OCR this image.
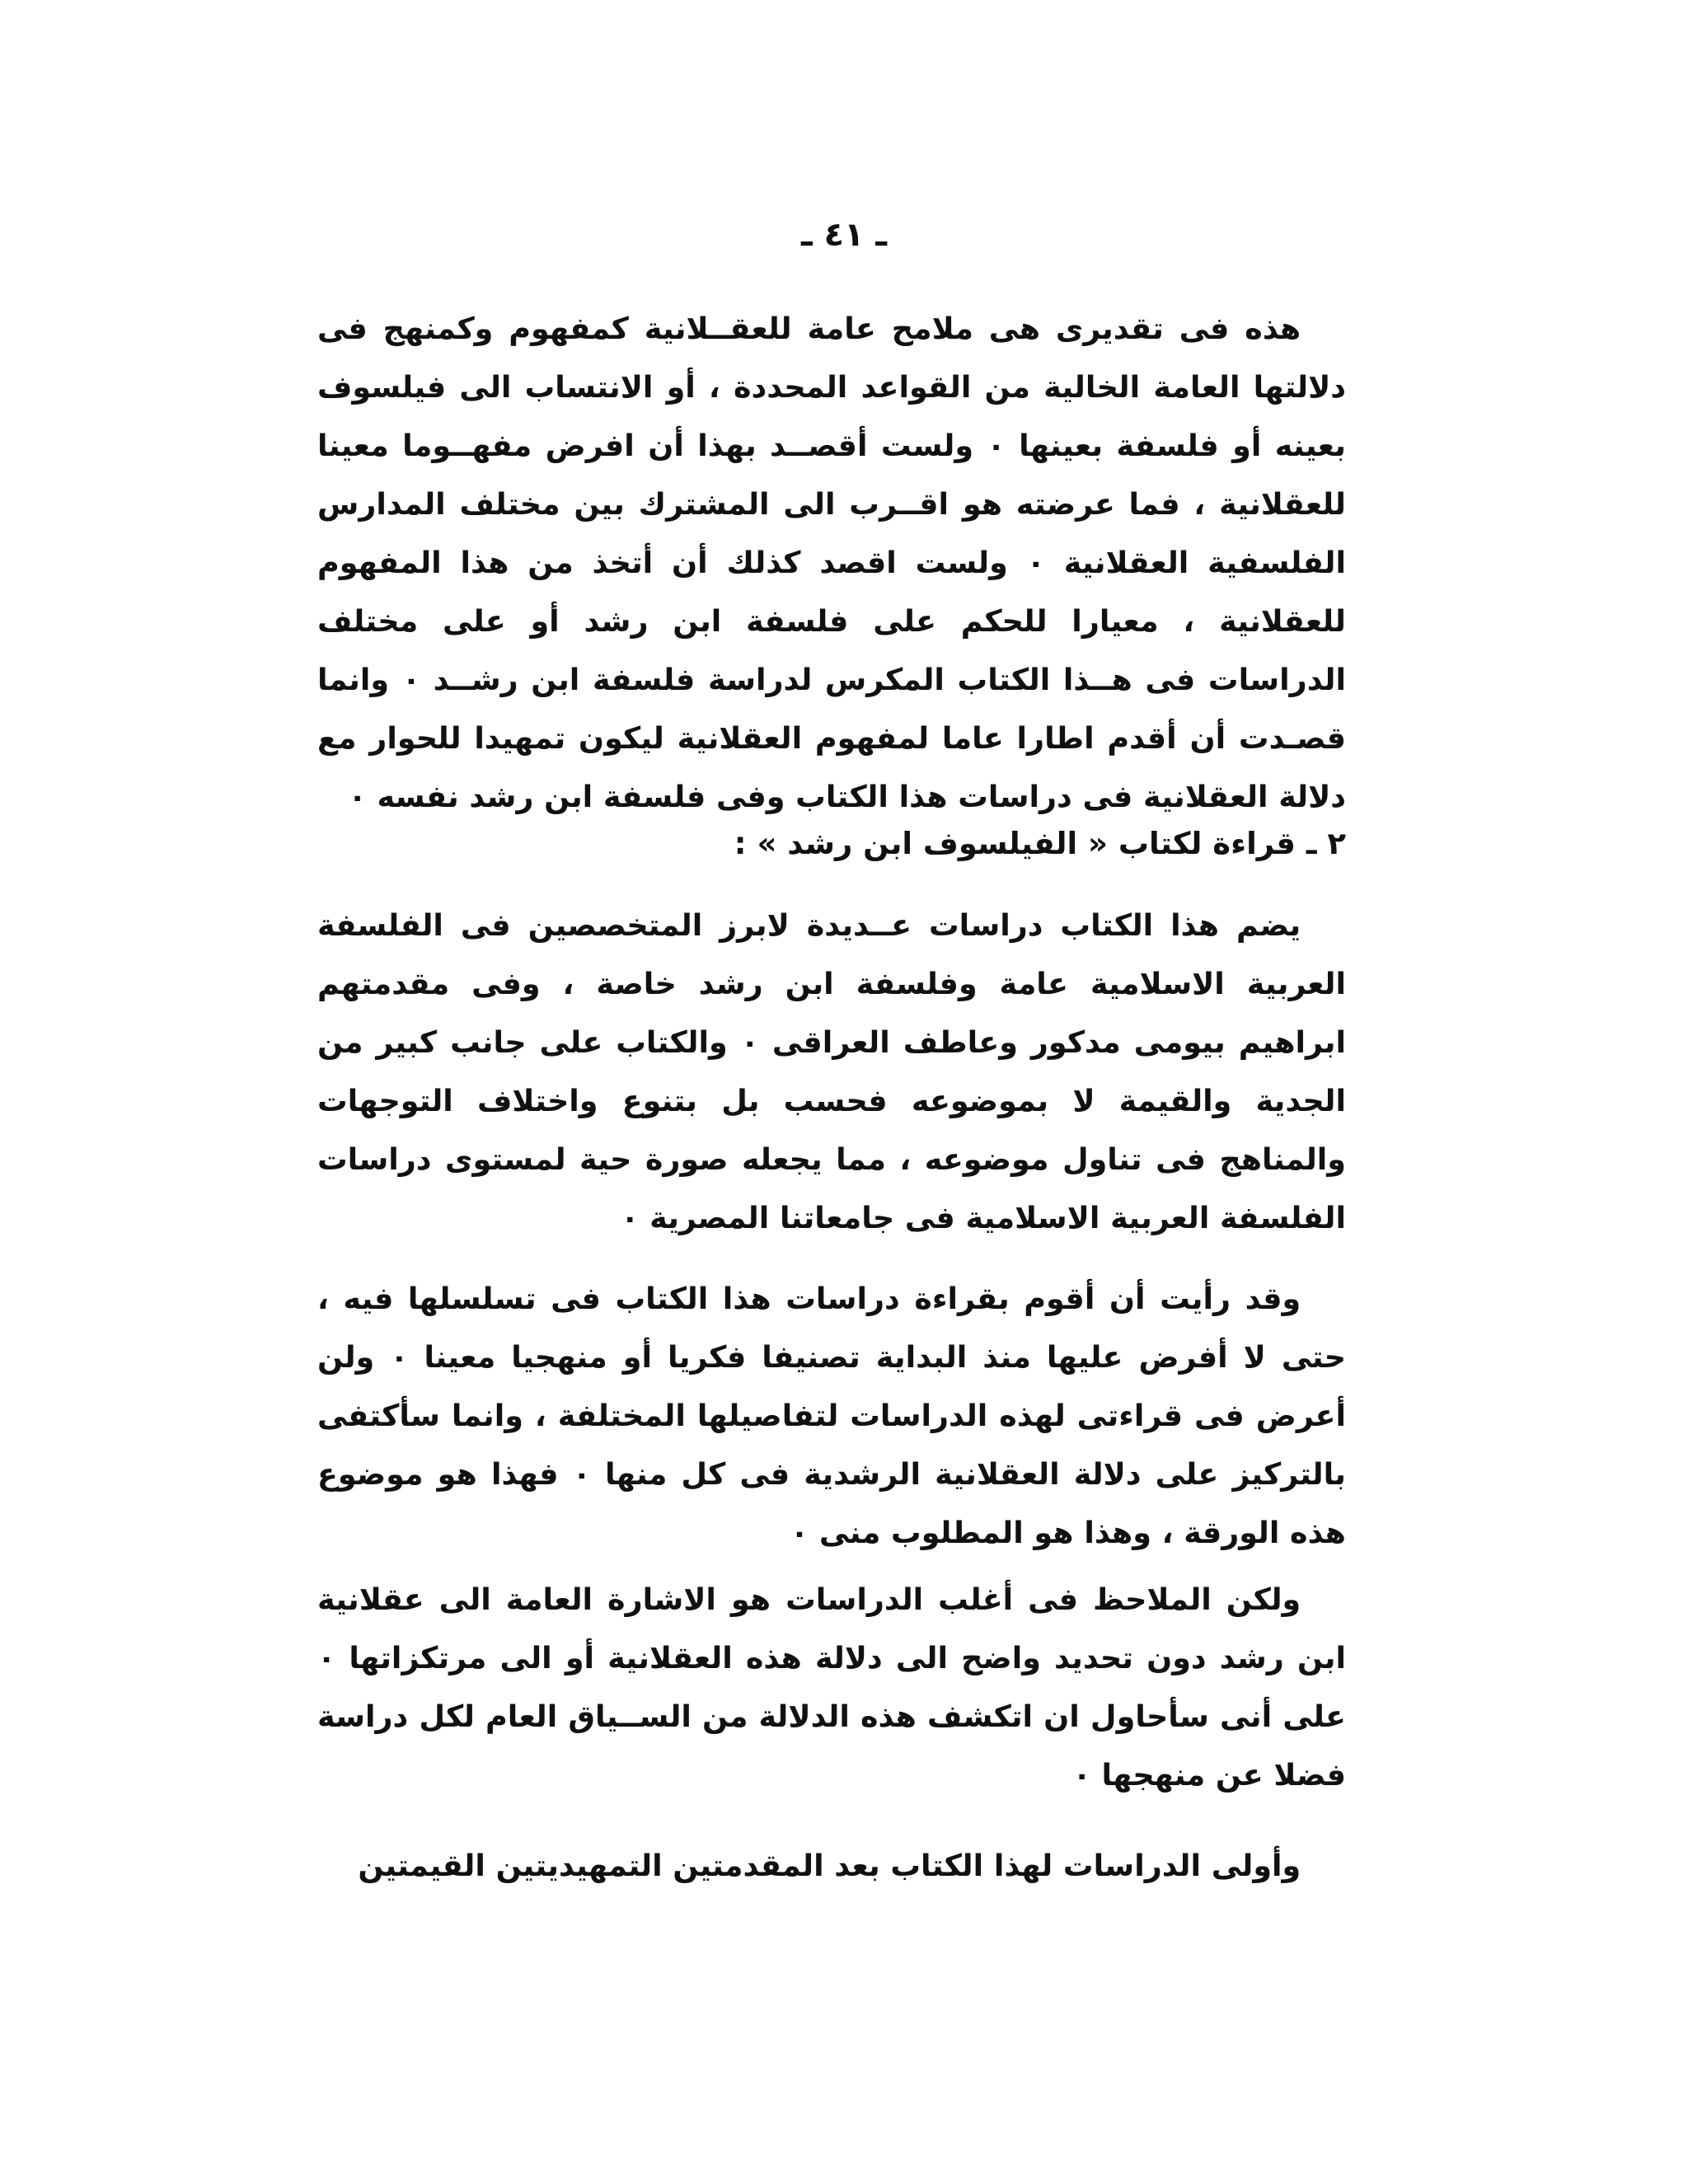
ـ ٤١ ـ

هذه فى تقديرى هى ملامح عامة للعقــلانية كمفهوم وكمنهج فى دلالتها العامة الخالية من القواعد المحددة ، أو الانتساب الى فيلسوف بعينه أو فلسفة بعينها ٠ ولست أقصــد بهذا أن افرض مفهــوما معينا للعقلانية ، فما عرضته هو اقــرب الى المشترك بين مختلف المدارس الفلسفية العقلانية ٠ ولست اقصد كذلك أن أتخذ من هذا المفهوم للعقلانية ، معيارا للحكم على فلسفة ابن رشد أو على مختلف الدراسات فى هــذا الكتاب المكرس لدراسة فلسفة ابن رشــد ٠ وانما قصـدت أن أقدم اطارا عاما لمفهوم العقلانية ليكون تمهيدا للحوار مع دلالة العقلانية فى دراسات هذا الكتاب وفى فلسفة ابن رشد نفسه ٠

٢ ـ قراءة لكتاب « الفيلسوف ابن رشد » :

يضم هذا الكتاب دراسات عــديدة لابرز المتخصصين فى الفلسفة العربية الاسلامية عامة وفلسفة ابن رشد خاصة ، وفى مقدمتهم ابراهيم بيومى مدكور وعاطف العراقى ٠ والكتاب على جانب كبير من الجدية والقيمة لا بموضوعه فحسب بل بتنوع واختلاف التوجهات والمناهج فى تناول موضوعه ، مما يجعله صورة حية لمستوى دراسات الفلسفة العربية الاسلامية فى جامعاتنا المصرية ٠

وقد رأيت أن أقوم بقراءة دراسات هذا الكتاب فى تسلسلها فيه ، حتى لا أفرض عليها منذ البداية تصنيفا فكريا أو منهجيا معينا ٠ ولن أعرض فى قراءتى لهذه الدراسات لتفاصيلها المختلفة ، وانما سأكتفى بالتركيز على دلالة العقلانية الرشدية فى كل منها ٠ فهذا هو موضوع هذه الورقة ، وهذا هو المطلوب منى ٠

ولكن الملاحظ فى أغلب الدراسات هو الاشارة العامة الى عقلانية ابن رشد دون تحديد واضح الى دلالة هذه العقلانية أو الى مرتكزاتها ٠ على أنى سأحاول ان اتكشف هذه الدلالة من الســياق العام لكل دراسة فضلا عن منهجها ٠

وأولى الدراسات لهذا الكتاب بعد المقدمتين التمهيديتين القيمتين
